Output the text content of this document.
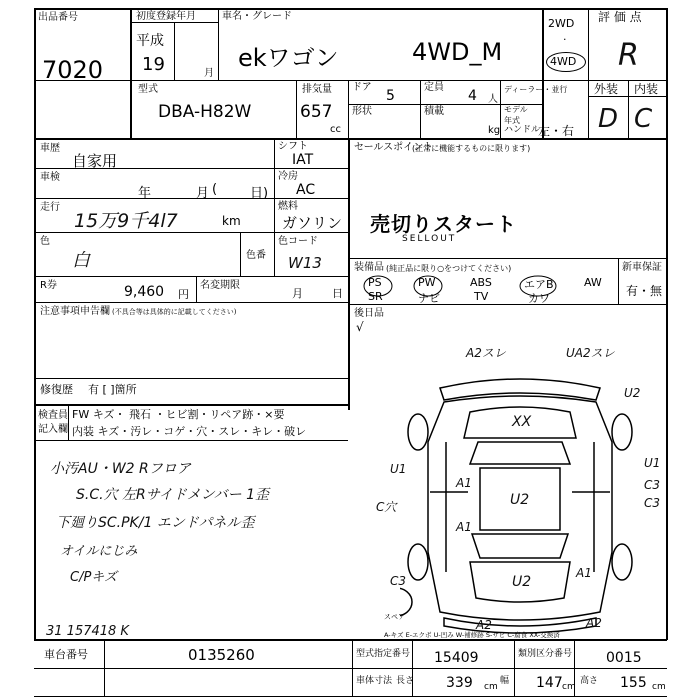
出品番号
7020
初度登録年月
平成
19	月
車名・グレード
ekワゴン	4WD_M
2WD
·
4WD
評 価 点
R
型式
DBA-H82W
排気量
657
cc
ドア
5
定員
4 人
形状	積載
kg
ディーラー・並行
モデル年式
ハンドル
左・右
外装 内装
D C
車歴
自家用
シフト
IAT
車検
年	月 (	日)
冷房
AC
走行
15万9千4l7	km
燃料
ガソリン
色
白	色番
色コード
W13
R券	9,460 円
名変期限
月	日
注意事項申告欄 (不具合等は具体的に記載してください)
修復歴 有 [ ]箇所
検査員
記入欄
FW キズ・ 飛石 ・ヒビ割・リペア跡・×要
内装 キズ・汚レ・コゲ・穴・スレ・キレ・破レ
セールスポイント
(正常に機能するものに限ります)
売切りスタート
SELLOUT
装備品 (純正品に限り○をつけてください)
PS	PW	ABS	エアB	AW
SR	ナビ	TV	カワ
新車保証
有・無
後日品
√
小汚AU・W2 Rフロア
S.C.穴 左Rサイドメンバー 1歪
下廻りSC.PK/1 エンドパネル歪
オイルにじみ
C/Pキズ
31 157418 K
スペア
A2スレ	UA2スレ
U2
XX
U2
U1
A1
A1
U1
C穴
C3
C3
U2
C3
A1
A2	A2
A-キズ E-エクボ U-凹み W-補修跡 S-サビ C-腐食 XX-交換済
車台番号	0135260	型式指定番号 15409	類別区分番号 0015
車体寸法 長さ 339 cm
幅 147 cm
高さ 155 cm
